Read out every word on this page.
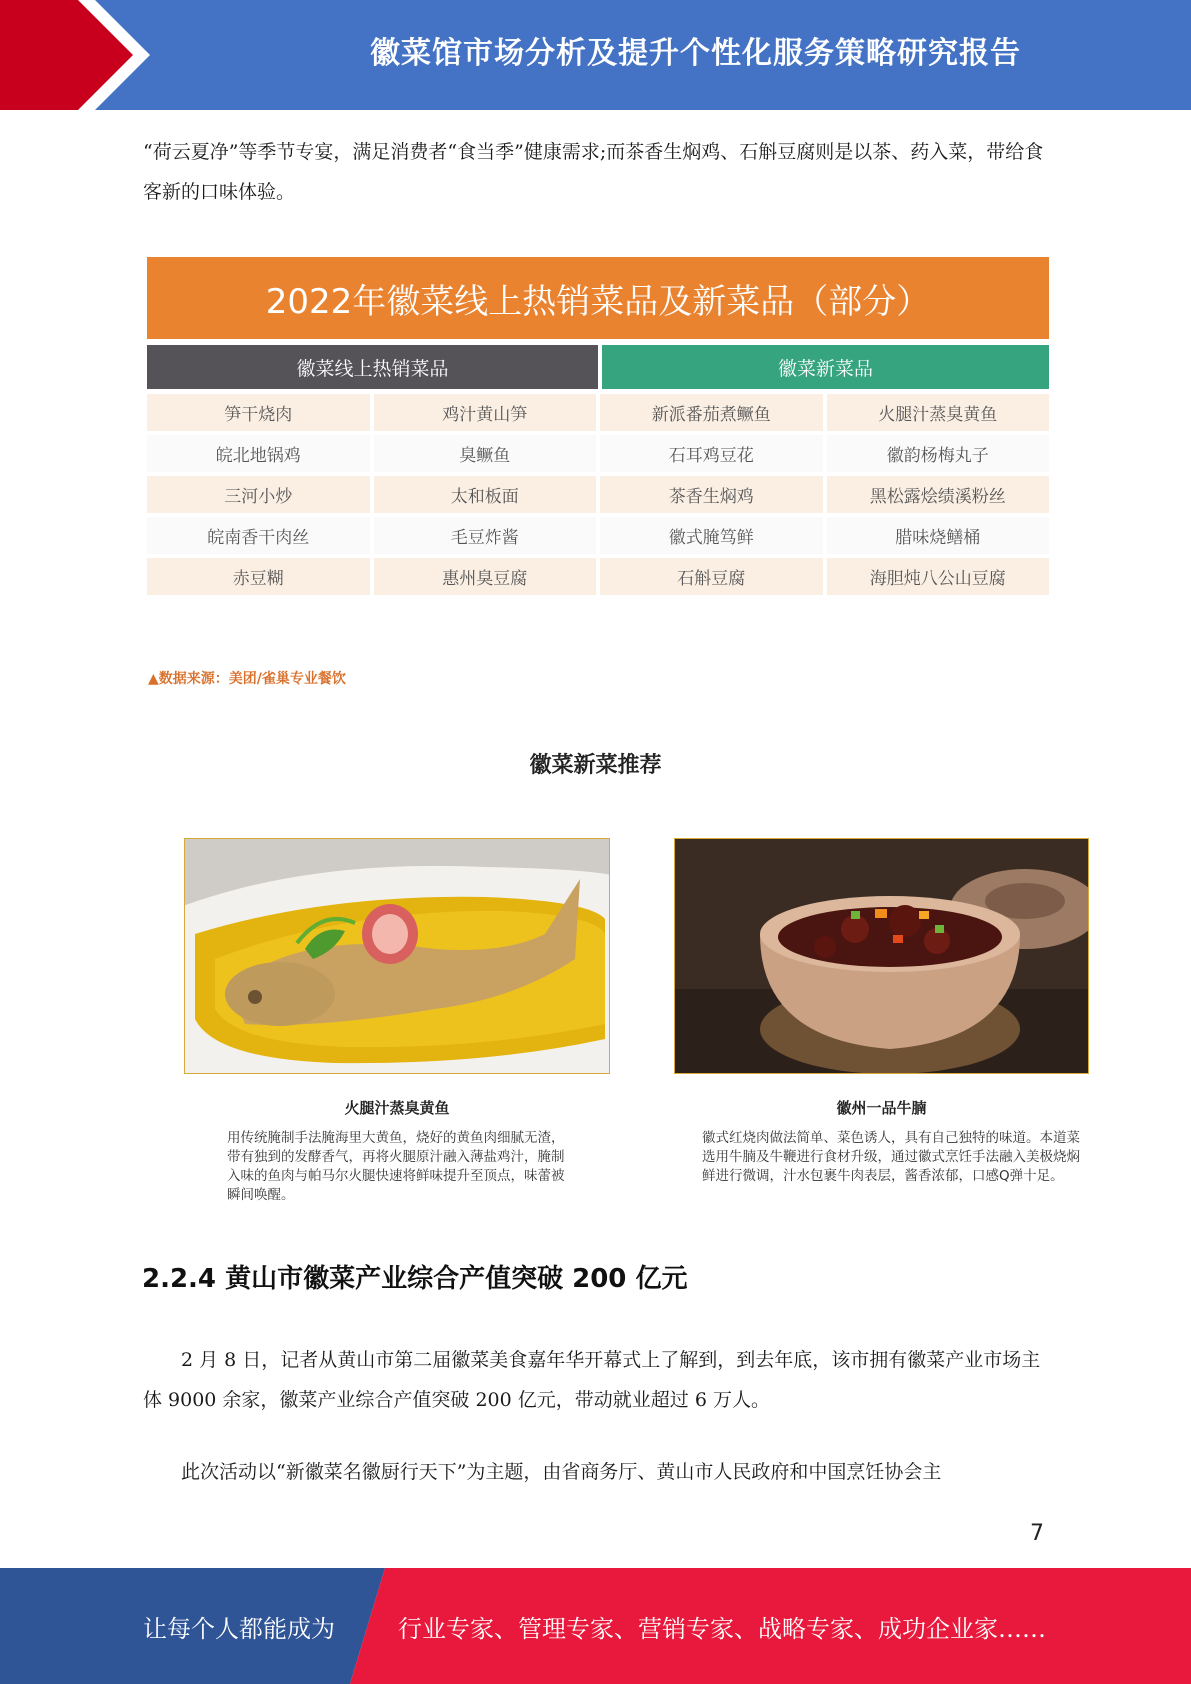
徽菜馆市场分析及提升个性化服务策略研究报告

“荷云夏净”等季节专宴，满足消费者“食当季”健康需求;而茶香生焖鸡、石斛豆腐则是以茶、药入菜，带给食客新的口味体验。

2022年徽菜线上热销菜品及新菜品（部分）
徽菜线上热销菜品	徽菜新菜品
笋干烧肉	鸡汁黄山笋	新派番茄煮鳜鱼	火腿汁蒸臭黄鱼
皖北地锅鸡	臭鳜鱼	石耳鸡豆花	徽韵杨梅丸子
三河小炒	太和板面	茶香生焖鸡	黑松露烩绩溪粉丝
皖南香干肉丝	毛豆炸酱	徽式腌笃鲜	腊味烧鳝桶
赤豆糊	惠州臭豆腐	石斛豆腐	海胆炖八公山豆腐
▲数据来源：美团/雀巢专业餐饮
徽菜新菜推荐
火腿汁蒸臭黄鱼	徽州一品牛腩

用传统腌制手法腌海里大黄鱼，烧好的黄鱼肉细腻无渣，带有独到的发酵香气，再将火腿原汁融入薄盐鸡汁，腌制入味的鱼肉与帕马尔火腿快速将鲜味提升至顶点，味蕾被瞬间唤醒。

徽式红烧肉做法简单、菜色诱人，具有自己独特的味道。本道菜选用牛腩及牛鞭进行食材升级，通过徽式烹饪手法融入美极烧焖鲜进行微调，汁水包裹牛肉表层，酱香浓郁，口感Q弹十足。

2.2.4 黄山市徽菜产业综合产值突破 200 亿元

2 月 8 日，记者从黄山市第二届徽菜美食嘉年华开幕式上了解到，到去年底，该市拥有徽菜产业市场主体 9000 余家，徽菜产业综合产值突破 200 亿元，带动就业超过 6 万人。

此次活动以“新徽菜名徽厨行天下”为主题，由省商务厅、黄山市人民政府和中国烹饪协会主

7
让每个人都能成为	行业专家、管理专家、营销专家、战略专家、成功企业家……
